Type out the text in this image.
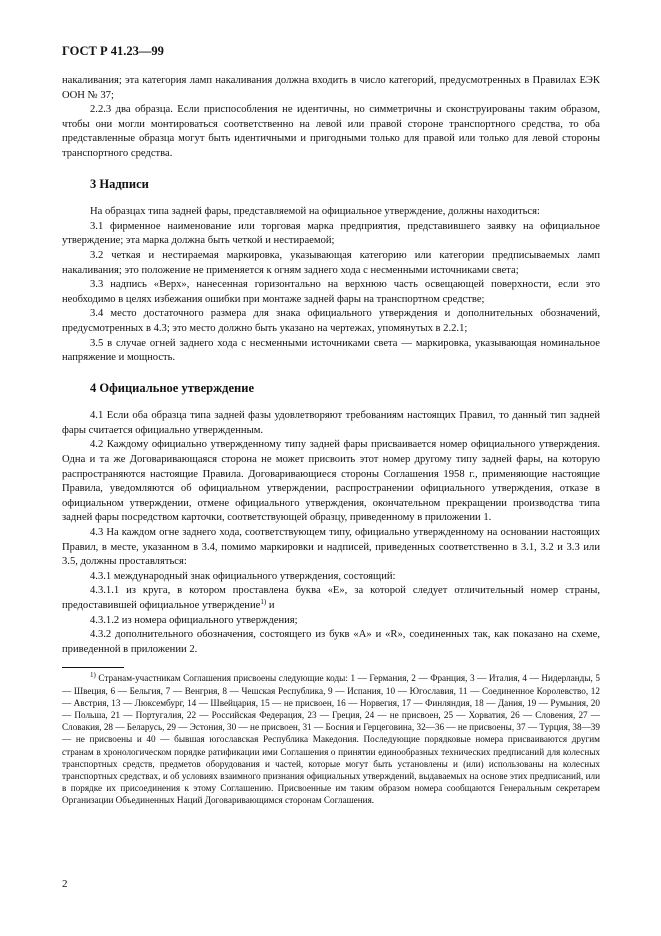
ГОСТ Р 41.23—99

накаливания; эта категория ламп накаливания должна входить в число категорий, предусмотренных в Правилах ЕЭК ООН № 37;

2.2.3 два образца. Если приспособления не идентичны, но симметричны и сконструированы таким образом, чтобы они могли монтироваться соответственно на левой или правой стороне транспортного средства, то оба представленные образца могут быть идентичными и пригодными только для правой или только для левой стороны транспортного средства.

3 Надписи

На образцах типа задней фары, представляемой на официальное утверждение, должны находиться:

3.1 фирменное наименование или торговая марка предприятия, представившего заявку на официальное утверждение; эта марка должна быть четкой и нестираемой;

3.2 четкая и нестираемая маркировка, указывающая категорию или категории предписываемых ламп накаливания; это положение не применяется к огням заднего хода с несменными источниками света;

3.3 надпись «Верх», нанесенная горизонтально на верхнюю часть освещающей поверхности, если это необходимо в целях избежания ошибки при монтаже задней фары на транспортном средстве;

3.4 место достаточного размера для знака официального утверждения и дополнительных обозначений, предусмотренных в 4.3; это место должно быть указано на чертежах, упомянутых в 2.2.1;

3.5 в случае огней заднего хода с несменными источниками света — маркировка, указывающая номинальное напряжение и мощность.

4 Официальное утверждение

4.1 Если оба образца типа задней фазы удовлетворяют требованиям настоящих Правил, то данный тип задней фары считается официально утвержденным.

4.2 Каждому официально утвержденному типу задней фары присваивается номер официального утверждения. Одна и та же Договаривающаяся сторона не может присвоить этот номер другому типу задней фары, на которую распространяются настоящие Правила. Договаривающиеся стороны Соглашения 1958 г., применяющие настоящие Правила, уведомляются об официальном утверждении, распространении официального утверждения, отказе в официальном утверждении, отмене официального утверждения, окончательном прекращении производства типа задней фары посредством карточки, соответствующей образцу, приведенному в приложении 1.

4.3 На каждом огне заднего хода, соответствующем типу, официально утвержденному на основании настоящих Правил, в месте, указанном в 3.4, помимо маркировки и надписей, приведенных соответственно в 3.1, 3.2 и 3.3 или 3.5, должны проставляться:

4.3.1 международный знак официального утверждения, состоящий:

4.3.1.1 из круга, в котором проставлена буква «Е», за которой следует отличительный номер страны, предоставившей официальное утверждение$^{1)}$ и

4.3.1.2 из номера официального утверждения;

4.3.2 дополнительного обозначения, состоящего из букв «А» и «R», соединенных так, как показано на схеме, приведенной в приложении 2.

$^{1)}$ Странам-участникам Соглашения присвоены следующие коды: 1 — Германия, 2 — Франция, 3 — Италия, 4 — Нидерланды, 5 — Швеция, 6 — Бельгия, 7 — Венгрия, 8 — Чешская Республика, 9 — Испания, 10 — Югославия, 11 — Соединенное Королевство, 12 — Австрия, 13 — Люксембург, 14 — Швейцария, 15 — не присвоен, 16 — Норвегия, 17 — Финляндия, 18 — Дания, 19 — Румыния, 20 — Польша, 21 — Португалия, 22 — Российская Федерация, 23 — Греция, 24 — не присвоен, 25 — Хорватия, 26 — Словения, 27 — Словакия, 28 — Беларусь, 29 — Эстония, 30 — не присвоен, 31 — Босния и Герцеговина, 32—36 — не присвоены, 37 — Турция, 38—39 — не присвоены и 40 — бывшая югославская Республика Македония. Последующие порядковые номера присваиваются другим странам в хронологическом порядке ратификации ими Соглашения о принятии единообразных технических предписаний для колесных транспортных средств, предметов оборудования и частей, которые могут быть установлены и (или) использованы на колесных транспортных средствах, и об условиях взаимного признания официальных утверждений, выдаваемых на основе этих предписаний, или в порядке их присоединения к этому Соглашению. Присвоенные им таким образом номера сообщаются Генеральным секретарем Организации Объединенных Наций Договаривающимся сторонам Соглашения.

2
